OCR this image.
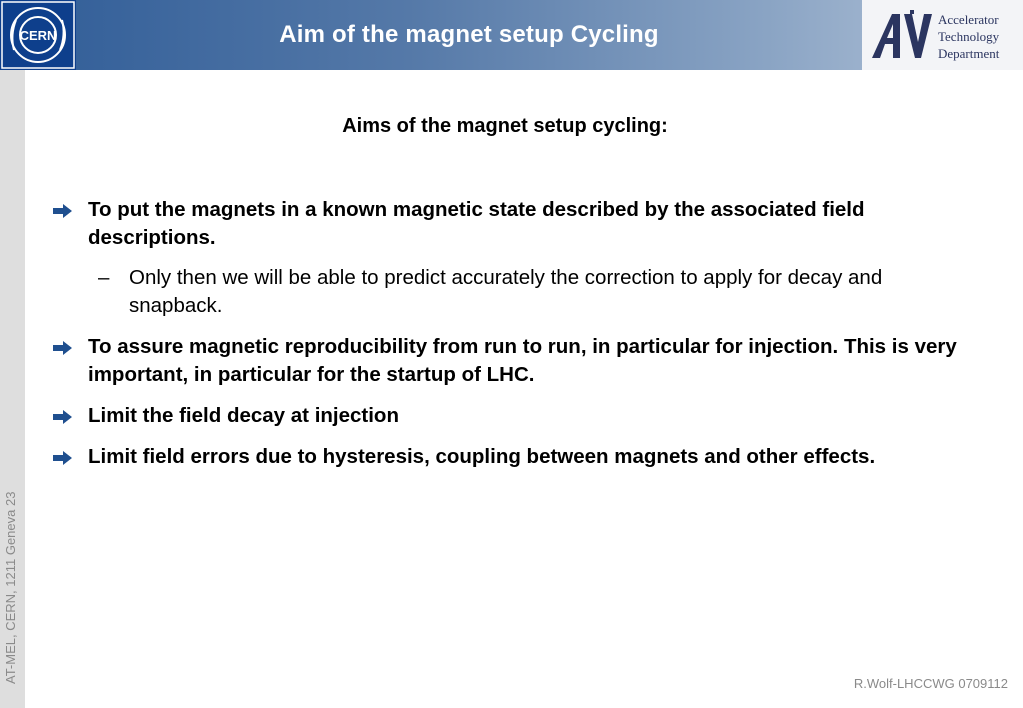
CERN	Aim of the magnet setup Cycling
Accelerator
Technology
Department
AT-MEL, CERN, 1211 Geneva 23
Aims of the magnet setup cycling:
To put the magnets in a known magnetic state described by the associated field descriptions.
– Only then we will be able to predict accurately the correction to apply for decay and snapback.
To assure magnetic reproducibility from run to run, in particular for injection. This is very important, in particular for the startup of LHC.
Limit the field decay at injection
Limit field errors due to hysteresis, coupling between magnets and other effects.
R.Wolf-LHCCWG 0709112
